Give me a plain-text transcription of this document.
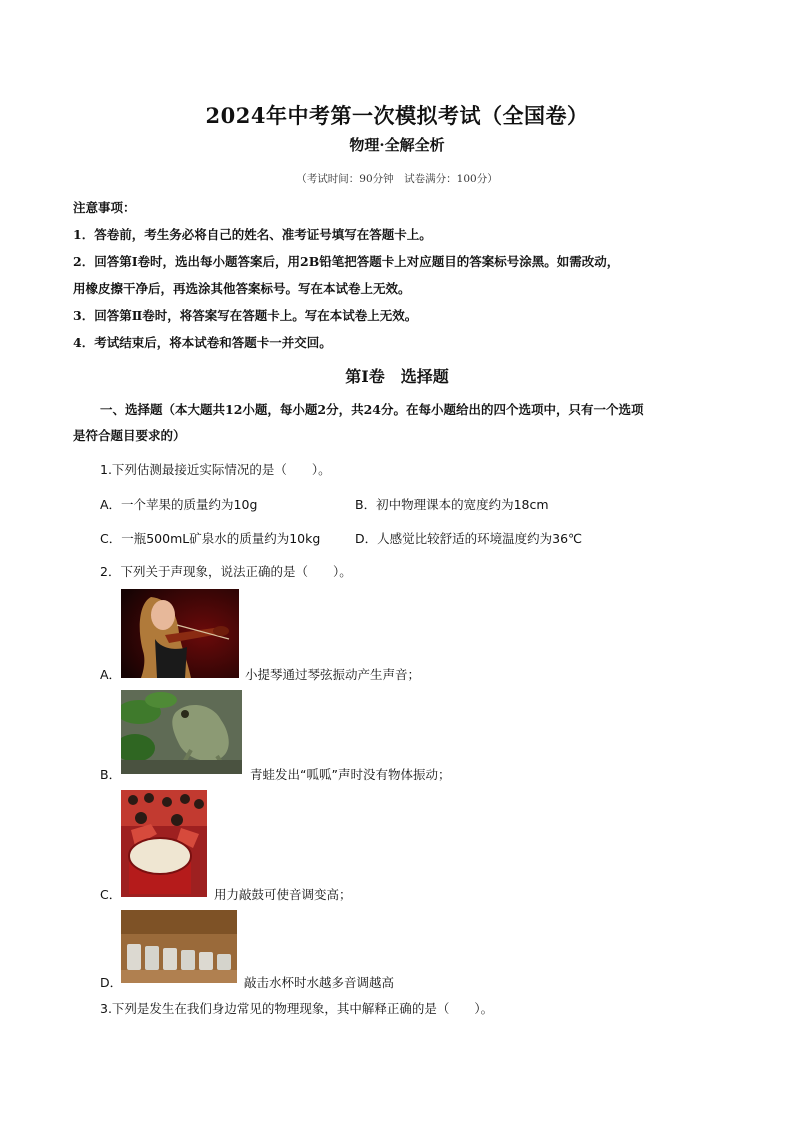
2024年中考第一次模拟考试（全国卷）
物理·全解全析
（考试时间：90分钟　试卷满分：100分）
注意事项：
1．答卷前，考生务必将自己的姓名、准考证号填写在答题卡上。
2．回答第Ⅰ卷时，选出每小题答案后，用2B铅笔把答题卡上对应题目的答案标号涂黑。如需改动，
用橡皮擦干净后，再选涂其他答案标号。写在本试卷上无效。
3．回答第Ⅱ卷时，将答案写在答题卡上。写在本试卷上无效。
4．考试结束后，将本试卷和答题卡一并交回。
第Ⅰ卷　选择题
一、选择题（本大题共12小题，每小题2分，共24分。在每小题给出的四个选项中，只有一个选项
是符合题目要求的）
1.下列估测最接近实际情况的是（　　）。
A．一个苹果的质量约为10g	B．初中物理课本的宽度约为18cm
C．一瓶500mL矿泉水的质量约为10kg	D．人感觉比较舒适的环境温度约为36℃
2．下列关于声现象，说法正确的是（　　）。
A．	小提琴通过琴弦振动产生声音；
B．	青蛙发出“呱呱”声时没有物体振动；
C．	用力敲鼓可使音调变高；
D．	敲击水杯时水越多音调越高
3.下列是发生在我们身边常见的物理现象，其中解释正确的是（　　）。
